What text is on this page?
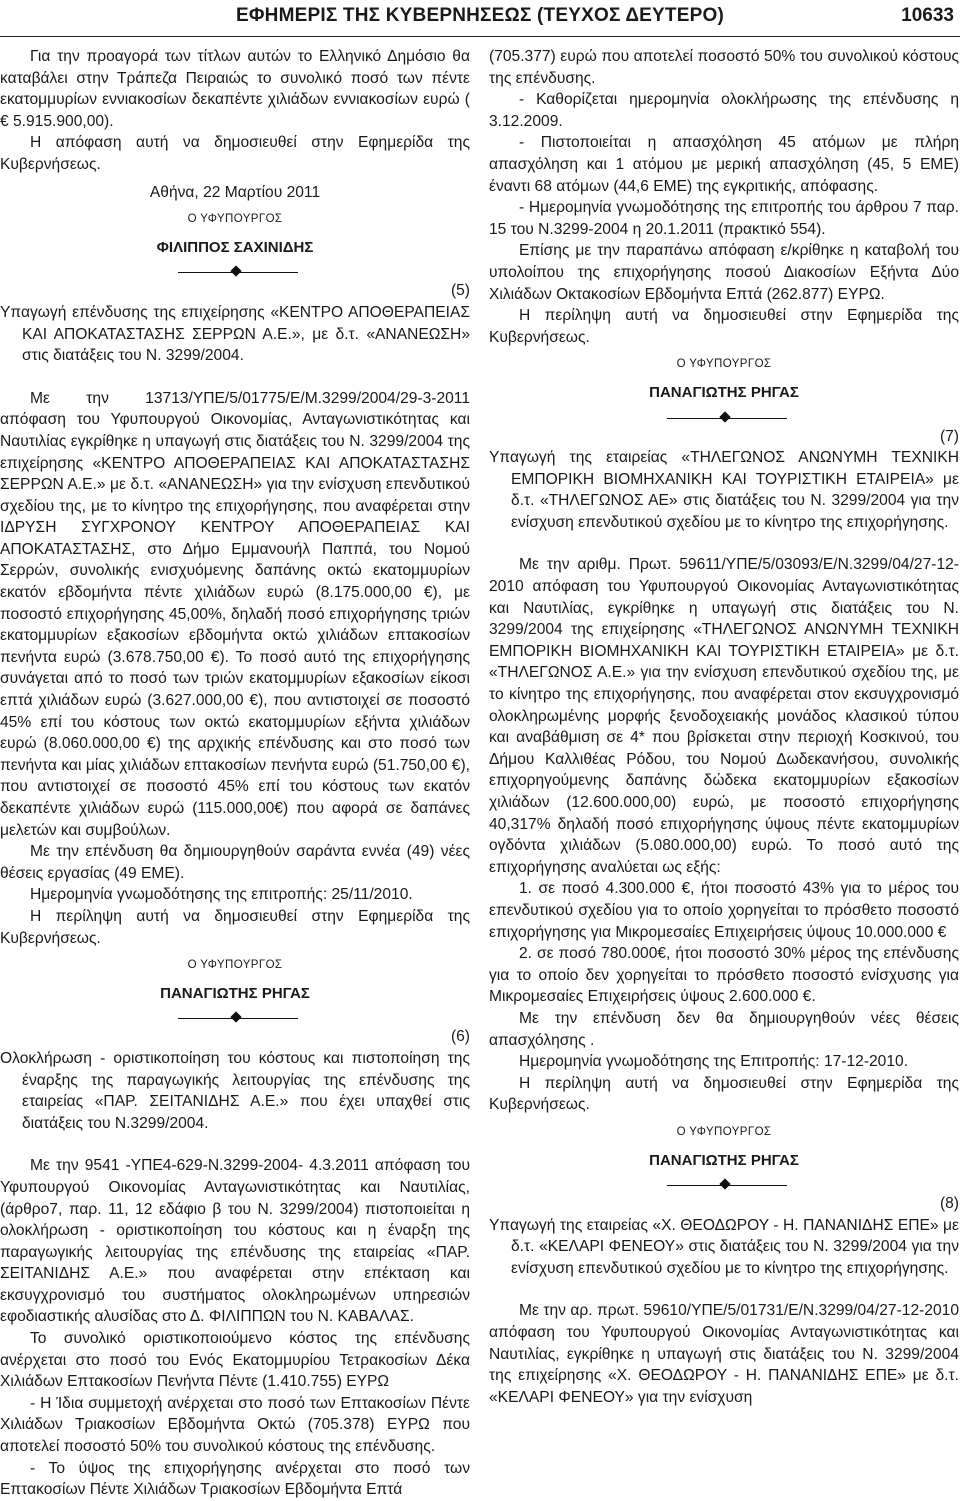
ΕΦΗΜΕΡΙΣ ΤΗΣ ΚΥΒΕΡΝΗΣΕΩΣ (ΤΕΥΧΟΣ ΔΕΥΤΕΡΟ)	10633

Για την προαγορά των τίτλων αυτών το Ελληνικό Δημόσιο θα καταβάλει στην Τράπεζα Πειραιώς το συνολικό ποσό των πέντε εκατομμυρίων εννιακοσίων δεκαπέντε χιλιάδων εννιακοσίων ευρώ ( € 5.915.900,00).

Η απόφαση αυτή να δημοσιευθεί στην Εφημερίδα της Κυβερνήσεως.

Αθήνα, 22 Μαρτίου 2011

Ο ΥΦΥΠΟΥΡΓΟΣ

ΦΙΛΙΠΠΟΣ ΣΑΧΙΝΙΔΗΣ

(5)

Υπαγωγή επένδυσης της επιχείρησης «ΚΕΝΤΡΟ ΑΠΟΘΕΡΑΠΕΙΑΣ ΚΑΙ ΑΠΟΚΑΤΑΣΤΑΣΗΣ ΣΕΡΡΩΝ Α.Ε.», με δ.τ. «ΑΝΑΝΕΩΣΗ» στις διατάξεις του Ν. 3299/2004.

Με την 13713/ΥΠΕ/5/01775/Ε/Μ.3299/2004/29-3-2011 απόφαση του Υφυπουργού Οικονομίας, Ανταγωνιστικότητας και Ναυτιλίας εγκρίθηκε η υπαγωγή στις διατάξεις του Ν. 3299/2004 της επιχείρησης «ΚΕΝΤΡΟ ΑΠΟΘΕΡΑΠΕΙΑΣ ΚΑΙ ΑΠΟΚΑΤΑΣΤΑΣΗΣ ΣΕΡΡΩΝ Α.Ε.» με δ.τ. «ΑΝΑΝΕΩΣΗ» για την ενίσχυση επενδυτικού σχεδίου της, με το κίνητρο της επιχορήγησης, που αναφέρεται στην ΙΔΡΥΣΗ ΣΥΓΧΡΟΝΟΥ ΚΕΝΤΡΟΥ ΑΠΟΘΕΡΑΠΕΙΑΣ ΚΑΙ ΑΠΟΚΑΤΑΣΤΑΣΗΣ, στο Δήμο Εμμανουήλ Παππά, του Νομού Σερρών, συνολικής ενισχυόμενης δαπάνης οκτώ εκατομμυρίων εκατόν εβδομήντα πέντε χιλιάδων ευρώ (8.175.000,00 €), με ποσοστό επιχορήγησης 45,00%, δηλαδή ποσό επιχορήγησης τριών εκατομμυρίων εξακοσίων εβδομήντα οκτώ χιλιάδων επτακοσίων πενήντα ευρώ (3.678.750,00 €). Το ποσό αυτό της επιχορήγησης συνάγεται από το ποσό των τριών εκατομμυρίων εξακοσίων είκοσι επτά χιλιάδων ευρώ (3.627.000,00 €), που αντιστοιχεί σε ποσοστό 45% επί του κόστους των οκτώ εκατομμυρίων εξήντα χιλιάδων ευρώ (8.060.000,00 €) της αρχικής επένδυσης και στο ποσό των πενήντα και μίας χιλιάδων επτακοσίων πενήντα ευρώ (51.750,00 €), που αντιστοιχεί σε ποσοστό 45% επί του κόστους των εκατόν δεκαπέντε χιλιάδων ευρώ (115.000,00€) που αφορά σε δαπάνες μελετών και συμβούλων.

Με την επένδυση θα δημιουργηθούν σαράντα εννέα (49) νέες θέσεις εργασίας (49 ΕΜΕ).

Ημερομηνία γνωμοδότησης της επιτροπής: 25/11/2010.

Η περίληψη αυτή να δημοσιευθεί στην Εφημερίδα της Κυβερνήσεως.

Ο ΥΦΥΠΟΥΡΓΟΣ

ΠΑΝΑΓΙΩΤΗΣ ΡΗΓΑΣ

(6)

Ολοκλήρωση - οριστικοποίηση του κόστους και πιστοποίηση της έναρξης της παραγωγικής λειτουργίας της επένδυσης της εταιρείας «ΠΑΡ. ΣΕΙΤΑΝΙΔΗΣ Α.Ε.» που έχει υπαχθεί στις διατάξεις του Ν.3299/2004.

Με την 9541 -ΥΠΕ4-629-Ν.3299-2004- 4.3.2011 απόφαση του Υφυπουργού Οικονομίας Ανταγωνιστικότητας και Ναυτιλίας, (άρθρο7, παρ. 11, 12 εδάφιο β του Ν. 3299/2004) πιστοποιείται η ολοκλήρωση - οριστικοποίηση του κόστους και η έναρξη της παραγωγικής λειτουργίας της επένδυσης της εταιρείας «ΠΑΡ. ΣΕΙΤΑΝΙΔΗΣ Α.Ε.» που αναφέρεται στην επέκταση και εκσυγχρονισμό του συστήματος ολοκληρωμένων υπηρεσιών εφοδιαστικής αλυσίδας στο Δ. ΦΙΛΙΠΠΩΝ του Ν. ΚΑΒΑΛΑΣ.

Το συνολικό οριστικοποιούμενο κόστος της επένδυσης ανέρχεται στο ποσό του Ενός Εκατομμυρίου Τετρακοσίων Δέκα Χιλιάδων Επτακοσίων Πενήντα Πέντε (1.410.755) ΕΥΡΩ

- Η Ίδια συμμετοχή ανέρχεται στο ποσό των Επτακοσίων Πέντε Χιλιάδων Τριακοσίων Εβδομήντα Οκτώ (705.378) ΕΥΡΩ που αποτελεί ποσοστό 50% του συνολικού κόστους της επένδυσης.

- Το ύψος της επιχορήγησης ανέρχεται στο ποσό των Επτακοσίων Πέντε Χιλιάδων Τριακοσίων Εβδομήντα Επτά

(705.377) ευρώ που αποτελεί ποσοστό 50% του συνολικού κόστους της επένδυσης.

- Καθορίζεται ημερομηνία ολοκλήρωσης της επένδυσης η 3.12.2009.

- Πιστοποιείται η απασχόληση 45 ατόμων με πλήρη απασχόληση και 1 ατόμου με μερική απασχόληση (45, 5 ΕΜΕ) έναντι 68 ατόμων (44,6 ΕΜΕ) της εγκριτικής, απόφασης.

- Ημερομηνία γνωμοδότησης της επιτροπής του άρθρου 7 παρ. 15 του Ν.3299-2004 η 20.1.2011 (πρακτικό 554).

Επίσης με την παραπάνω απόφαση ε/κρίθηκε η καταβολή του υπολοίπου της επιχορήγησης ποσού Διακοσίων Εξήντα Δύο Χιλιάδων Οκτακοσίων Εβδομήντα Επτά (262.877) ΕΥΡΩ.

Η περίληψη αυτή να δημοσιευθεί στην Εφημερίδα της Κυβερνήσεως.

Ο ΥΦΥΠΟΥΡΓΟΣ

ΠΑΝΑΓΙΩΤΗΣ ΡΗΓΑΣ

(7)

Υπαγωγή της εταιρείας «ΤΗΛΕΓΩΝΟΣ ΑΝΩΝΥΜΗ ΤΕΧΝΙΚΗ ΕΜΠΟΡΙΚΗ ΒΙΟΜΗΧΑΝΙΚΗ ΚΑΙ ΤΟΥΡΙΣΤΙΚΗ ΕΤΑΙΡΕΙΑ» με δ.τ. «ΤΗΛΕΓΩΝΟΣ ΑΕ» στις διατάξεις του Ν. 3299/2004 για την ενίσχυση επενδυτικού σχεδίου με το κίνητρο της επιχορήγησης.

Με την αριθμ. Πρωτ. 59611/ΥΠΕ/5/03093/Ε/Ν.3299/04/27-12-2010 απόφαση του Υφυπουργού Οικονομίας Ανταγωνιστικότητας και Ναυτιλίας, εγκρίθηκε η υπαγωγή στις διατάξεις του Ν. 3299/2004 της επιχείρησης «ΤΗΛΕΓΩΝΟΣ ΑΝΩΝΥΜΗ ΤΕΧΝΙΚΗ ΕΜΠΟΡΙΚΗ ΒΙΟΜΗΧΑΝΙΚΗ ΚΑΙ ΤΟΥΡΙΣΤΙΚΗ ΕΤΑΙΡΕΙΑ» με δ.τ. «ΤΗΛΕΓΩΝΟΣ Α.Ε.» για την ενίσχυση επενδυτικού σχεδίου της, με το κίνητρο της επιχορήγησης, που αναφέρεται στον εκσυγχρονισμό ολοκληρωμένης μορφής ξενοδοχειακής μονάδος κλασικού τύπου και αναβάθμιση σε 4* που βρίσκεται στην περιοχή Κοσκινού, του Δήμου Καλλιθέας Ρόδου, του Νομού Δωδεκανήσου, συνολικής επιχορηγούμενης δαπάνης δώδεκα εκατομμυρίων εξακοσίων χιλιάδων (12.600.000,00) ευρώ, με ποσοστό επιχορήγησης 40,317% δηλαδή ποσό επιχορήγησης ύψους πέντε εκατομμυρίων ογδόντα χιλιάδων (5.080.000,00) ευρώ. Το ποσό αυτό της επιχορήγησης αναλύεται ως εξής:

1. σε ποσό 4.300.000 €, ήτοι ποσοστό 43% για το μέρος του επενδυτικού σχεδίου για το οποίο χορηγείται το πρόσθετο ποσοστό επιχορήγησης για Μικρομεσαίες Επιχειρήσεις ύψους 10.000.000 €

2. σε ποσό 780.000€, ήτοι ποσοστό 30% μέρος της επένδυσης για το οποίο δεν χορηγείται το πρόσθετο ποσοστό ενίσχυσης για Μικρομεσαίες Επιχειρήσεις ύψους 2.600.000 €.

Με την επένδυση δεν θα δημιουργηθούν νέες θέσεις απασχόλησης .

Ημερομηνία γνωμοδότησης της Επιτροπής: 17-12-2010.

Η περίληψη αυτή να δημοσιευθεί στην Εφημερίδα της Κυβερνήσεως.

Ο ΥΦΥΠΟΥΡΓΟΣ

ΠΑΝΑΓΙΩΤΗΣ ΡΗΓΑΣ

(8)

Υπαγωγή της εταιρείας «Χ. ΘΕΟΔΩΡΟΥ - Η. ΠΑΝΑΝΙΔΗΣ ΕΠΕ» με δ.τ. «ΚΕΛΑΡΙ ΦΕΝΕΟΥ» στις διατάξεις του Ν. 3299/2004 για την ενίσχυση επενδυτικού σχεδίου με το κίνητρο της επιχορήγησης.

Με την αρ. πρωτ. 59610/ΥΠΕ/5/01731/Ε/Ν.3299/04/27-12-2010 απόφαση του Υφυπουργού Οικονομίας Ανταγωνιστικότητας και Ναυτιλίας, εγκρίθηκε η υπαγωγή στις διατάξεις του Ν. 3299/2004 της επιχείρησης «Χ. ΘΕΟΔΩΡΟΥ - Η. ΠΑΝΑΝΙΔΗΣ ΕΠΕ» με δ.τ. «ΚΕΛΑΡΙ ΦΕΝΕΟΥ» για την ενίσχυση
